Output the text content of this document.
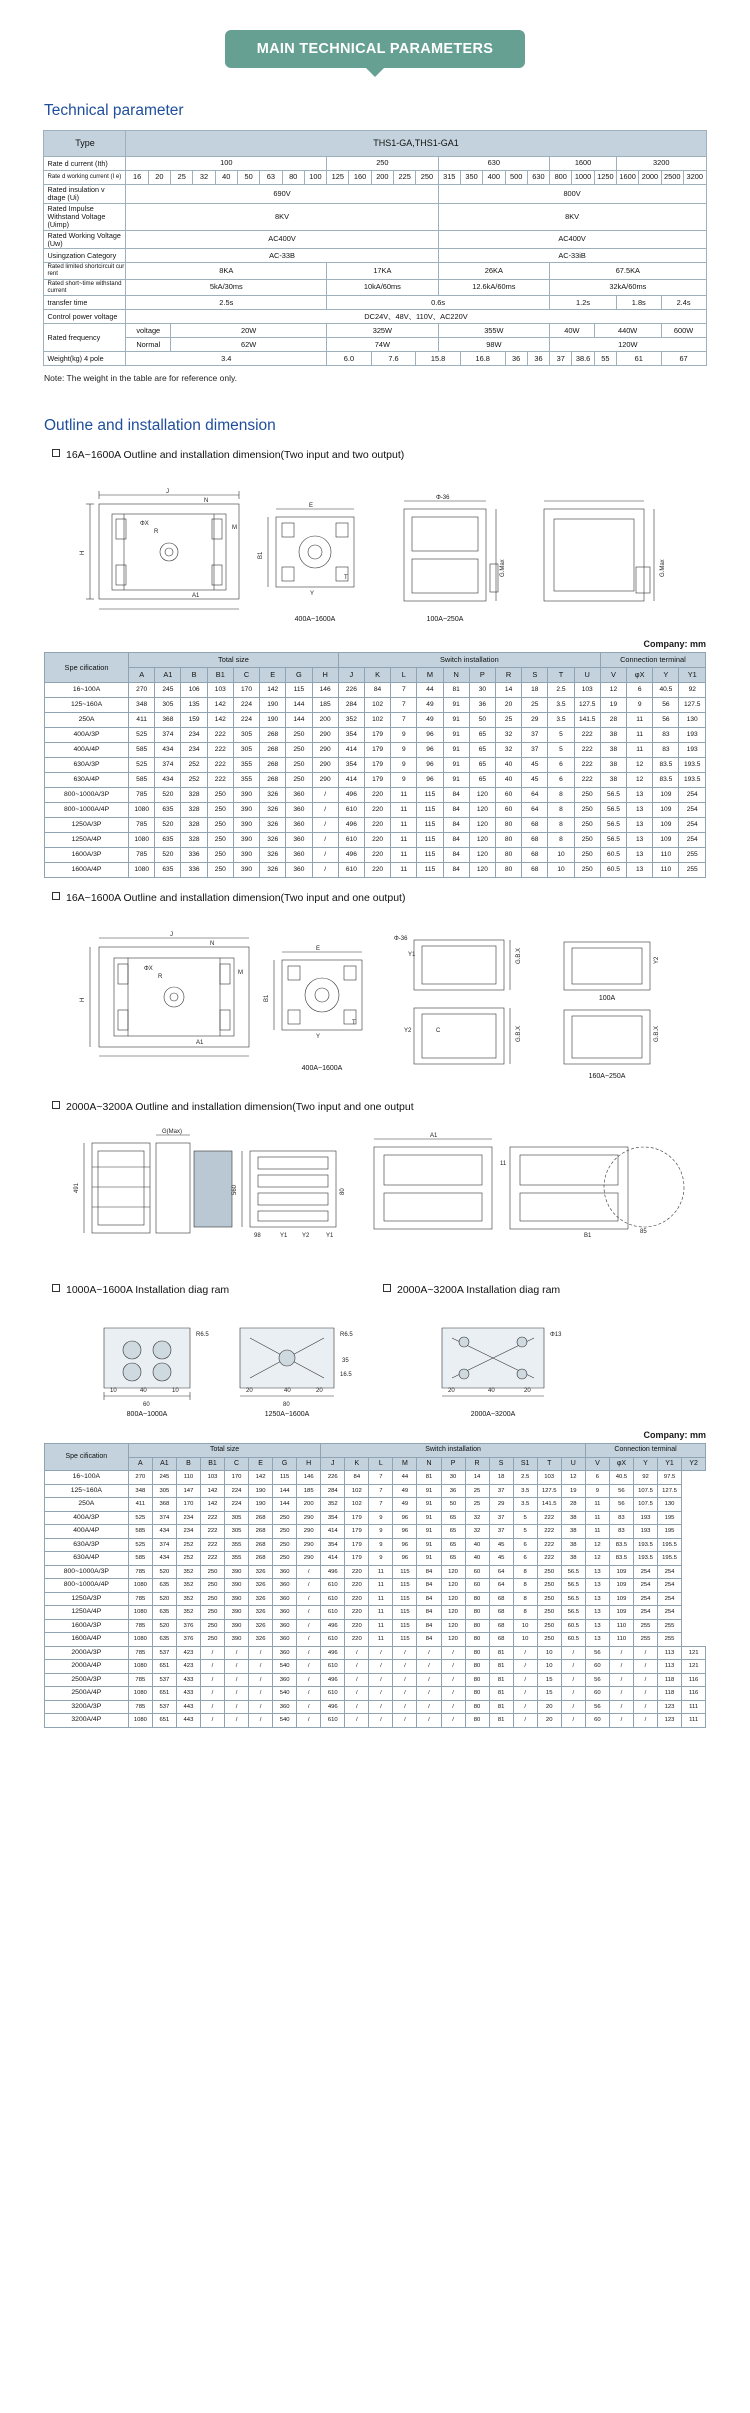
MAIN TECHNICAL PARAMETERS
Technical parameter
Type	THS1-GA,THS1-GA1																									
Rate d current (Ith)	100									250					630					1600			3200			
Rate d working current (I e)	16	20	25	32	40	50	63	80	100	125	160	200	225	250	315	350	400	500	630	800	1000	1250	1600	2000	2500	3200
Rated insulation v dtage (Ui)	690V														800V											
Rated Impulse Withstand Voltage (Uimp)	8KV														8KV											
Rated Working Voltage (Uw)	AC400V														AC400V											
Usingzation Category	AC-33B														AC-33iB											
Rated limited shortcircuit cur rent	8KA									17KA					26KA					67.5KA						
Rated short~time withstand current	5kA/30ms									10kA/60ms					12.6kA/60ms					32kA/60ms						
transfer time	2.5s									0.6s										1.2s			1.8s		2.4s	
Control power voltage	DC24V、48V、110V、AC220V																									
Rated frequency	voltage		20W							325W					355W					40W		440W			600W	
	Normal		62W							74W					98W					120W						
Weight(kg) 4 pole	3.4									6.0		7.6		15.8		16.8		36	36	37	38.6	55	61		67	
Note: The weight in the table are for reference only.
Outline and installation dimension
16A~1600A Outline and installation dimension(Two input and two output)
J
N
H
ΦX
R
A1
M
E
B1
Y
T
Φ-36
G.Max	G.Max
400A~1600A	100A~250A
Company: mm
Spe cification	Total size								Switch installation										Connection terminal			
	A	A1	B	B1	C	E	G	H	J	K	L	M	N	P	R	S	T	U	V	φX	Y	Y1
16~100A	270	245	106	103	170	142	115	146	226	84	7	44	81	30	14	18	2.5	103	12	6	40.5	92
125~160A	348	305	135	142	224	190	144	185	284	102	7	49	91	36	20	25	3.5	127.5	19	9	56	127.5
250A	411	368	159	142	224	190	144	200	352	102	7	49	91	50	25	29	3.5	141.5	28	11	56	130
400A/3P	525	374	234	222	305	268	250	290	354	179	9	96	91	65	32	37	5	222	38	11	83	193
400A/4P	585	434	234	222	305	268	250	290	414	179	9	96	91	65	32	37	5	222	38	11	83	193
630A/3P	525	374	252	222	355	268	250	290	354	179	9	96	91	65	40	45	6	222	38	12	83.5	193.5
630A/4P	585	434	252	222	355	268	250	290	414	179	9	96	91	65	40	45	6	222	38	12	83.5	193.5
800~1000A/3P	785	520	328	250	390	326	360	/	496	220	11	115	84	120	60	64	8	250	56.5	13	109	254
800~1000A/4P	1080	635	328	250	390	326	360	/	610	220	11	115	84	120	60	64	8	250	56.5	13	109	254
1250A/3P	785	520	328	250	390	326	360	/	496	220	11	115	84	120	80	68	8	250	56.5	13	109	254
1250A/4P	1080	635	328	250	390	326	360	/	610	220	11	115	84	120	80	68	8	250	56.5	13	109	254
1600A/3P	785	520	336	250	390	326	360	/	496	220	11	115	84	120	80	68	10	250	60.5	13	110	255
1600A/4P	1080	635	336	250	390	326	360	/	610	220	11	115	84	120	80	68	10	250	60.5	13	110	255
16A~1600A Outline and installation dimension(Two input and one output)
J
N
H
ΦX
R
A1
M
E
B1
Y
T
Φ-36
Y1	G.B.X
G.B.X
Y2
G.B.X
Y2	C
400A~1600A
100A
160A~250A
2000A~3200A Outline and installation dimension(Two input and one output
G(Max)
491	560
98	Y1 Y2	Y1
80
A1
11
B1
85
1000A~1600A Installation diag ram	2000A~3200A Installation diag ram
R6.5
10	40	10
60
R6.5
35
16.5
20	40	20
80
Φ13
20	40	20
800A~1000A	1250A~1600A	2000A~3200A
Company: mm
Spe cification	Total size								Switch installation											Connection terminal				
	A	A1	B	B1	C	E	G	H	J	K	L	M	N	P	R	S	S1	T	U	V	φX	Y	Y1	Y2
16~100A	270	245	110	103	170	142	115	146	226	84	7	44	81	30	14	18	2.5	103	12	6	40.5	92	97.5	
125~160A	348	305	147	142	224	190	144	185	284	102	7	49	91	36	25	37	3.5	127.5	19	9	56	107.5	127.5	
250A	411	368	170	142	224	190	144	200	352	102	7	49	91	50	25	29	3.5	141.5	28	11	56	107.5	130	
400A/3P	525	374	234	222	305	268	250	290	354	179	9	96	91	65	32	37	5	222	38	11	83	193	195	
400A/4P	585	434	234	222	305	268	250	290	414	179	9	96	91	65	32	37	5	222	38	11	83	193	195	
630A/3P	525	374	252	222	355	268	250	290	354	179	9	96	91	65	40	45	6	222	38	12	83.5	193.5	195.5	
630A/4P	585	434	252	222	355	268	250	290	414	179	9	96	91	65	40	45	6	222	38	12	83.5	193.5	195.5	
800~1000A/3P	785	520	352	250	390	326	360	/	496	220	11	115	84	120	60	64	8	250	56.5	13	109	254	254	
800~1000A/4P	1080	635	352	250	390	326	360	/	610	220	11	115	84	120	60	64	8	250	56.5	13	109	254	254	
1250A/3P	785	520	352	250	390	326	360	/	610	220	11	115	84	120	80	68	8	250	56.5	13	109	254	254	
1250A/4P	1080	635	352	250	390	326	360	/	610	220	11	115	84	120	80	68	8	250	56.5	13	109	254	254	
1600A/3P	785	520	376	250	390	326	360	/	496	220	11	115	84	120	80	68	10	250	60.5	13	110	255	255	
1600A/4P	1080	635	376	250	390	326	360	/	610	220	11	115	84	120	80	68	10	250	60.5	13	110	255	255	
2000A/3P	785	537	423	/	/	/	360	/	496	/	/	/	/	/	80	81	/	10	/	56	/	/	113	121
2000A/4P	1080	651	423	/	/	/	540	/	610	/	/	/	/	/	80	81	/	10	/	60	/	/	113	121
2500A/3P	785	537	433	/	/	/	360	/	496	/	/	/	/	/	80	81	/	15	/	56	/	/	118	116
2500A/4P	1080	651	433	/	/	/	540	/	610	/	/	/	/	/	80	81	/	15	/	60	/	/	118	116
3200A/3P	785	537	443	/	/	/	360	/	496	/	/	/	/	/	80	81	/	20	/	56	/	/	123	111
3200A/4P	1080	651	443	/	/	/	540	/	610	/	/	/	/	/	80	81	/	20	/	60	/	/	123	111
